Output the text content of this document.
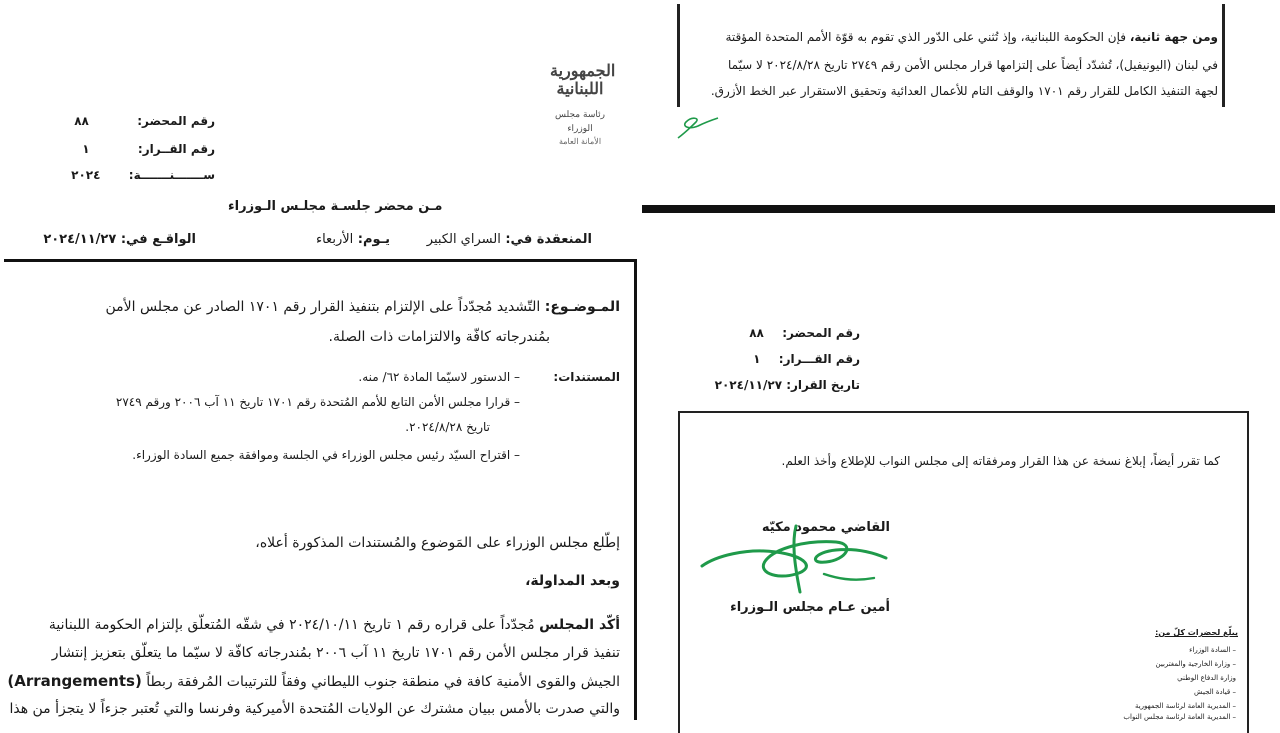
الجمهورية
اللبنانية
رئاسة مجلس الوزراء
الأمانة العامة
رقم المحضر:  ٨٨
رقم القــرار:  ١
ســـــــنـــــــة:  ٢٠٢٤
مـن محضر جلسـة مجلـس الـوزراء
المنعقدة في: السراي الكبير
يـوم: الأربعاء
الواقـع في: ٢٠٢٤/١١/٢٧
المـوضـوع: التّشديد مُجدّداً على الإلتزام بتنفيذ القرار رقم ١٧٠١ الصادر عن مجلس الأمن
بمُندرجاته كافّة والالتزامات ذات الصلة.
المستندات:
– الدستور لاسيّما المادة ٦٢/ منه.
– قرارا مجلس الأمن التابع للأمم المُتحدة رقم ١٧٠١ تاريخ ١١ آب ٢٠٠٦ ورقم ٢٧٤٩
تاريخ ٢٠٢٤/٨/٢٨.
– اقتراح السيّد رئيس مجلس الوزراء في الجلسة وموافقة جميع السادة الوزراء.
إطّلع مجلس الوزراء على المَوضوع والمُستندات المذكورة أعلاه،
وبعد المداولة،
أكّد المجلس مُجدّداً على قراره رقم ١ تاريخ ٢٠٢٤/١٠/١١ في شقّه المُتعلّق بإلتزام الحكومة اللبنانية
تنفيذ قرار مجلس الأمن رقم ١٧٠١ تاريخ ١١ آب ٢٠٠٦ بمُندرجاته كافّة لا سيّما ما يتعلّق بتعزيز إنتشار
الجيش والقوى الأمنية كافة في منطقة جنوب الليطاني وفقاً للترتيبات المُرفقة ربطاً (Arrangements)
والتي صدرت بالأمس ببيان مشترك عن الولايات المُتحدة الأميركية وفرنسا والتي تُعتبر جزءاً لا يتجزأ من هذا
ومن جهة ثانية، فإن الحكومة اللبنانية، وإذ تُثني على الدّور الذي تقوم به قوّة الأمم المتحدة المؤقتة
في لبنان (اليونيفيل)، تُشدّد أيضاً على إلتزامها قرار مجلس الأمن رقم ٢٧٤٩ تاريخ ٢٠٢٤/٨/٢٨ لا سيّما
لجهة التنفيذ الكامل للقرار رقم ١٧٠١ والوقف التام للأعمال العدائية وتحقيق الاستقرار عبر الخط الأزرق.
رقم المحضر:  ٨٨
رقم القـــرار:  ١
تاريخ القرار: ٢٠٢٤/١١/٢٧
كما تقرر أيضاً، إبلاغ نسخة عن هذا القرار ومرفقاته إلى مجلس النواب للإطلاع وأخذ العلم.
القاضي محمود مكيّه
أمين عـام مجلس الـوزراء
يبلّغ لحضرات كلّ من:
– السادة الوزراء
– وزارة الخارجية والمغتربين
وزارة الدفاع الوطني
– قيادة الجيش
– المديرية العامة لرئاسة الجمهورية
– المديرية العامة لرئاسة مجلس النواب
